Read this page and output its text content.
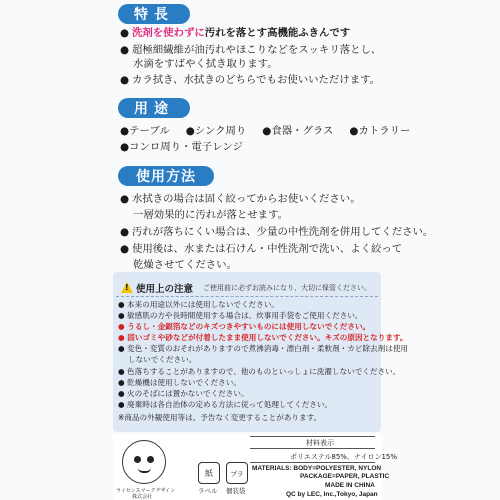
特長
● 洗剤を使わずに汚れを落とす高機能ふきんです
● 超極細繊維が油汚れやほこりなどをスッキリ落とし、
水滴をすばやく拭き取ります。
● カラ拭き、水拭きのどちらでもお使いいただけます。
用途
●テーブル ●シンク周り ●食器・グラス ●カトラリー
●コンロ周り・電子レンジ
使用方法
● 水拭きの場合は固く絞ってからお使いください。
一層効果的に汚れが落とせます。
● 汚れが落ちにくい場合は、少量の中性洗剤を併用してください。
● 使用後は、水または石けん・中性洗剤で洗い、よく絞って
乾燥させてください。
!
使用上の注意 ご使用前に必ずお読みになり、大切に保管ください。
● 本来の用途以外には使用しないでください。
● 敏感肌の方や長時間使用する場合は、炊事用手袋をご使用ください。
● うるし・金銀箔などのキズつきやすいものには使用しないでください。
● 固いゴミや砂などが付着したまま使用しないでください。キズの原因となります。
● 変色・変質のおそれがありますので煮沸消毒・漂白剤・柔軟剤・カビ除去剤は使用
しないでください。
● 色落ちすることがありますので、他のものといっしょに洗濯しないでください。
● 乾燥機は使用しないでください。
● 火のそばには置かないでください。
● 廃棄時は各自治体の定める方法に従って処理してください。
※商品の外観使用等は、予告なく変更することがあります。
ライセンスマークデザイン
株式会社
紙	プラ
ラベル 個装袋
材料表示
ポリエステル85%、ナイロン15%
MATERIALS: BODY=POLYESTER, NYLON
PACKAGE=PAPER, PLASTIC
MADE IN CHINA
QC by LEC, Inc.,Tokyo, Japan
